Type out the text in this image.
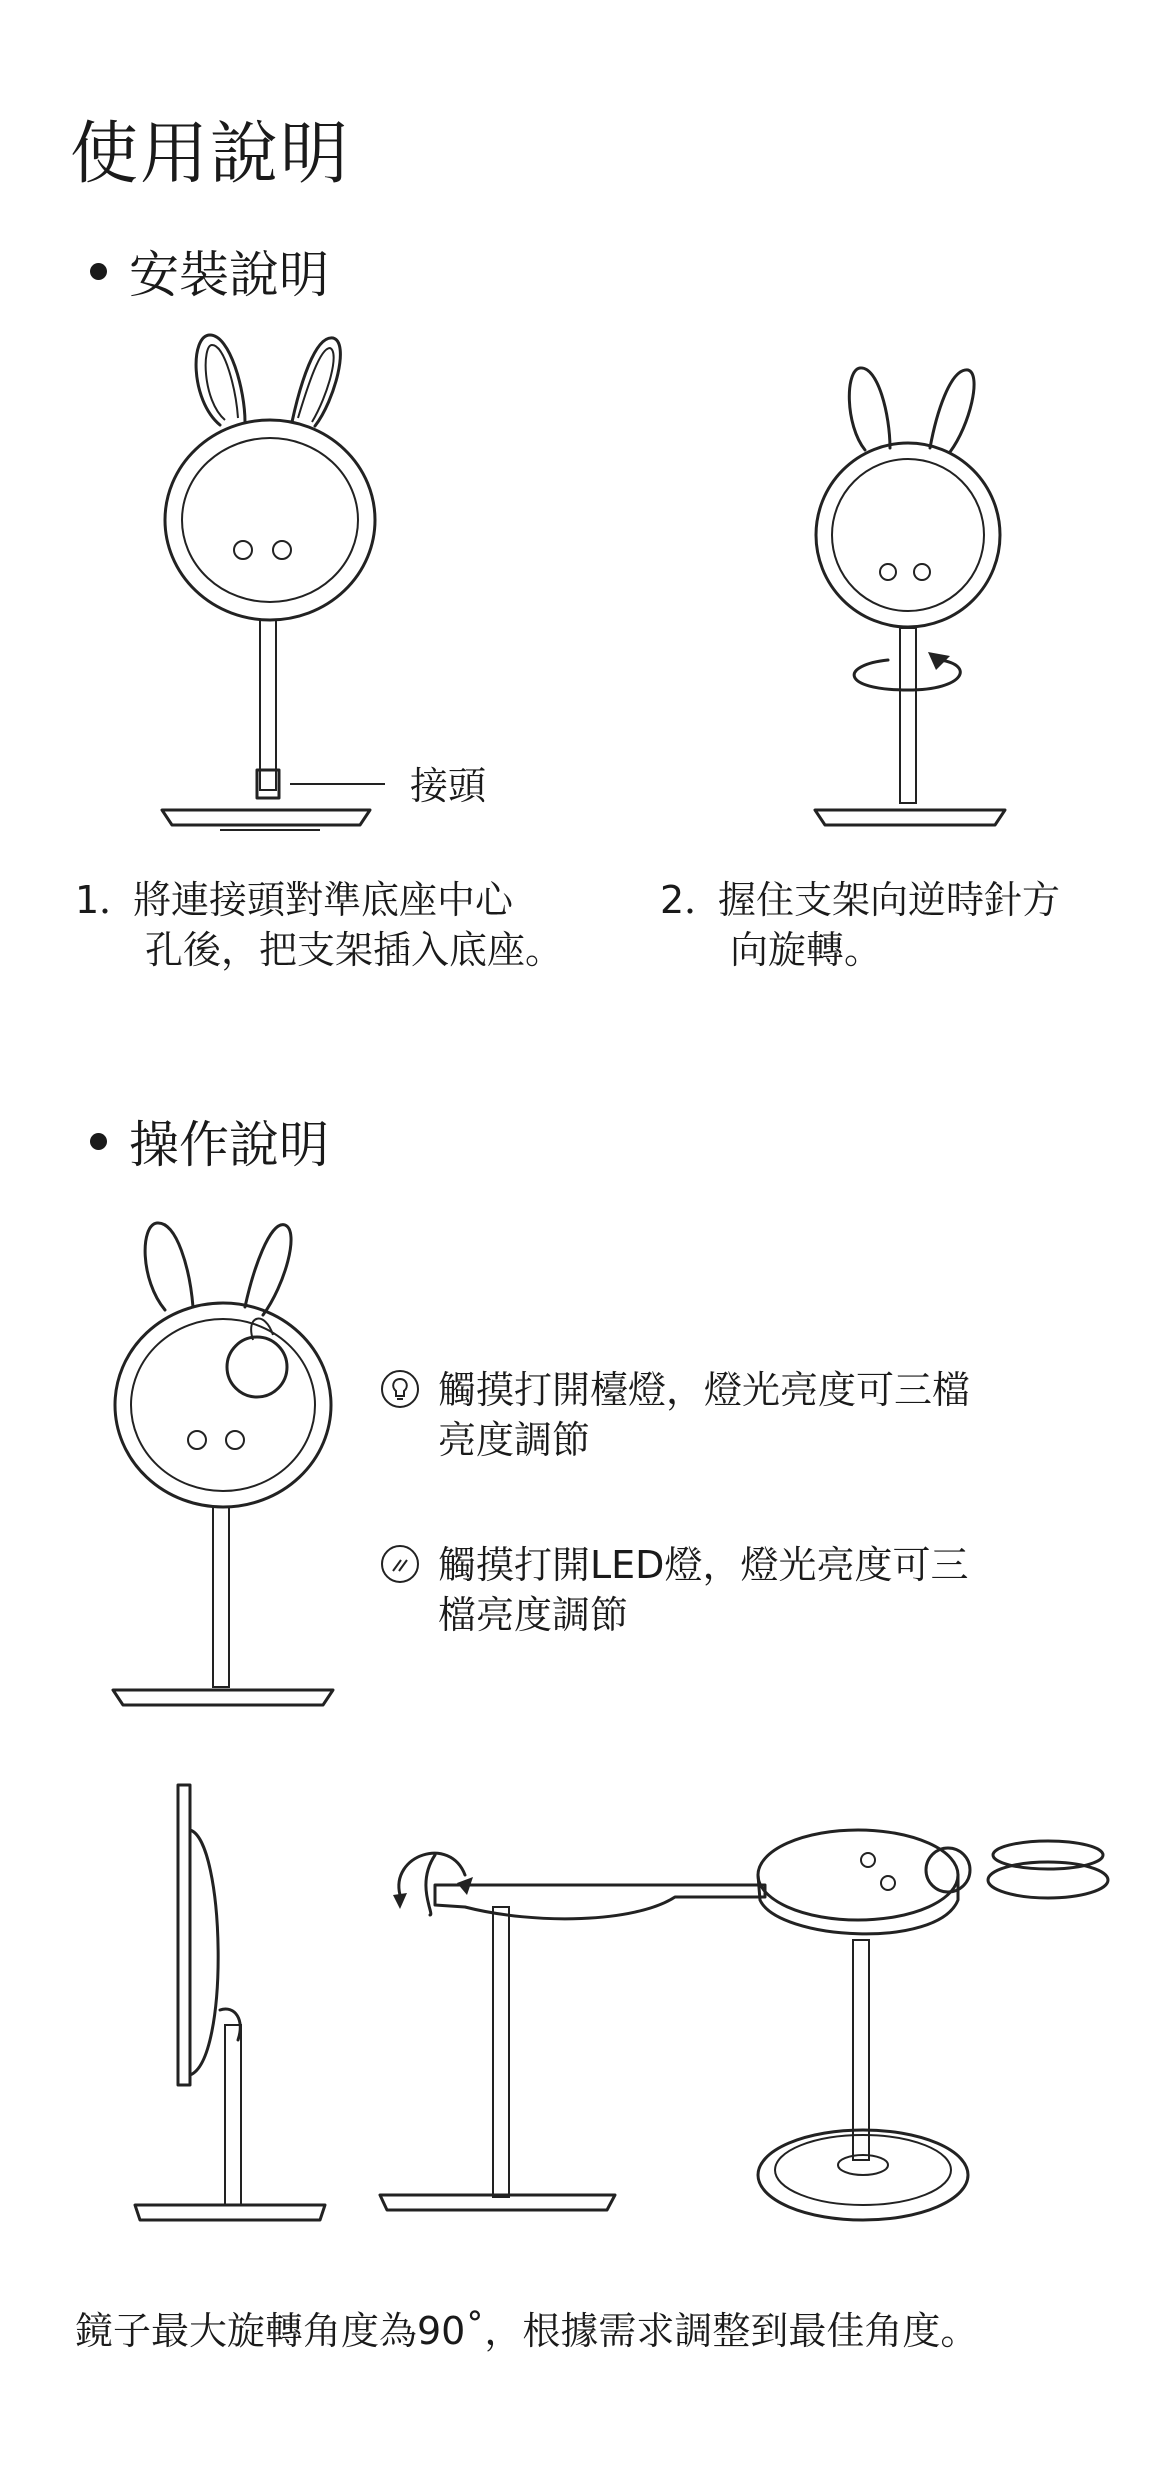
使用說明
安裝說明
接頭
1．將連接頭對準底座中心
孔後，把支架插入底座。
2．握住支架向逆時針方
向旋轉。
操作說明
觸摸打開檯燈，燈光亮度可三檔
亮度調節
觸摸打開LED燈，燈光亮度可三
檔亮度調節
鏡子最大旋轉角度為90˚，根據需求調整到最佳角度。
